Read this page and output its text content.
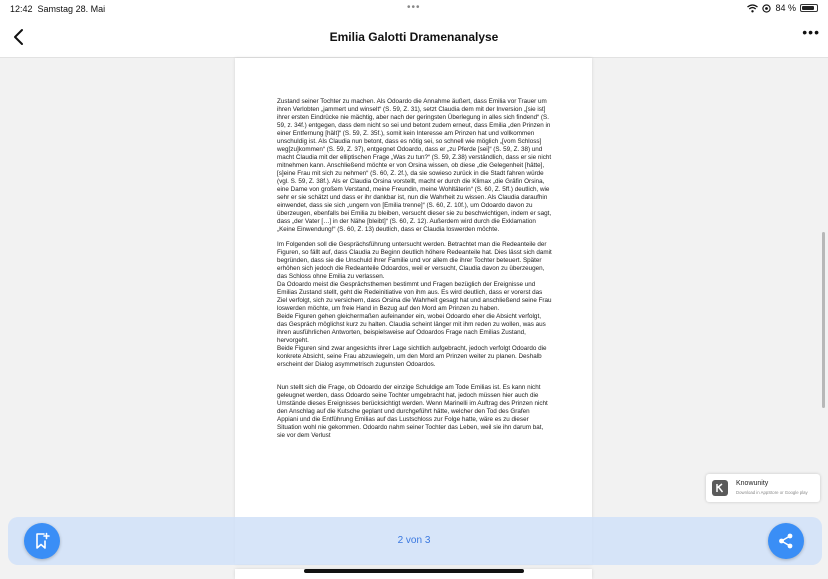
12:42 Samstag 28. Mai	•••	84 %
Emilia Galotti Dramenanalyse	•••

Zustand seiner Tochter zu machen. Als Odoardo die Annahme äußert, dass Emilia vor Trauer um ihren Verlobten „jammert und winselt“ (S. 59, Z. 31), setzt Claudia dem mit der Inversion „[sie ist] ihrer ersten Eindrücke nie mächtig, aber nach der geringsten Überlegung in alles sich findend“ (S. 59, z. 34f.) entgegen, dass dem nicht so sei und betont zudem erneut, dass Emilia „den Prinzen in einer Entfernung [hält]“ (S. 59, Z. 35f.), somit kein Interesse am Prinzen hat und vollkommen unschuldig ist. Als Claudia nun betont, dass es nötig sei, so schnell wie möglich „[vom Schloss] weg[zu]kommen“ (S. 59, Z. 37), entgegnet Odoardo, dass er „zu Pferde [sei]“ (S. 59, Z. 38) und macht Claudia mit der elliptischen Frage „Was zu tun?“ (S. 59, Z.38) verständlich, dass er sie nicht mitnehmen kann. Anschließend möchte er von Orsina wissen, ob diese „die Gelegenheit [hätte], [s]eine Frau mit sich zu nehmen“ (S. 60, Z. 2f.), da sie sowieso zurück in die Stadt fahren würde (vgl. S. 59, Z. 38f.). Als er Claudia Orsina vorstellt, macht er durch die Klimax „die Gräfin Orsina, eine Dame von großem Verstand, meine Freundin, meine Wohltäterin“ (S. 60, Z. 5ff.) deutlich, wie sehr er sie schätzt und dass er ihr dankbar ist, nun die Wahrheit zu wissen. Als Claudia daraufhin einwendet, dass sie sich „ungern von [Emilia trenne]“ (S. 60, Z. 10f.), um Odoardo davon zu überzeugen, ebenfalls bei Emilia zu bleiben, versucht dieser sie zu beschwichtigen, indem er sagt, dass „der Vater […] in der Nähe [bleibt]“ (S. 60, Z. 12). Außerdem wird durch die Exklamation „Keine Einwendung!“ (S. 60, Z. 13) deutlich, dass er Claudia loswerden möchte.

Im Folgenden soll die Gesprächsführung untersucht werden. Betrachtet man die Redeanteile der Figuren, so fällt auf, dass Claudia zu Beginn deutlich höhere Redeanteile hat. Dies lässt sich damit begründen, dass sie die Unschuld ihrer Familie und vor allem die ihrer Tochter beteuert. Später erhöhen sich jedoch die Redeanteile Odoardos, weil er versucht, Claudia davon zu überzeugen, das Schloss ohne Emilia zu verlassen.
Da Odoardo meist die Gesprächsthemen bestimmt und Fragen bezüglich der Ereignisse und Emilias Zustand stellt, geht die Redeinitiative von ihm aus. Es wird deutlich, dass er vorerst das Ziel verfolgt, sich zu versichern, dass Orsina die Wahrheit gesagt hat und anschließend seine Frau loswerden möchte, um freie Hand in Bezug auf den Mord am Prinzen zu haben.
Beide Figuren gehen gleichermaßen aufeinander ein, wobei Odoardo eher die Absicht verfolgt, das Gespräch möglichst kurz zu halten. Claudia scheint länger mit ihm reden zu wollen, was aus ihren ausführlichen Antworten, beispielsweise auf Odoardos Frage nach Emilias Zustand, hervorgeht.
Beide Figuren sind zwar angesichts ihrer Lage sichtlich aufgebracht, jedoch verfolgt Odoardo die konkrete Absicht, seine Frau abzuwiegeln, um den Mord am Prinzen weiter zu planen. Deshalb erscheint der Dialog asymmetrisch zugunsten Odoardos.

Nun stellt sich die Frage, ob Odoardo der einzige Schuldige am Tode Emilias ist. Es kann nicht geleugnet werden, dass Odoardo seine Tochter umgebracht hat, jedoch müssen hier auch die Umstände dieses Ereignisses berücksichtigt werden. Wenn Marinelli im Auftrag des Prinzen nicht den Anschlag auf die Kutsche geplant und durchgeführt hätte, welcher den Tod des Grafen Appiani und die Entführung Emilias auf das Lustschloss zur Folge hatte, wäre es zu dieser Situation wohl nie gekommen. Odoardo nahm seiner Tochter das Leben, weil sie ihn darum bat, sie vor dem Verlust

2 von 3
Knowunity
Download in AppStore or Google play
